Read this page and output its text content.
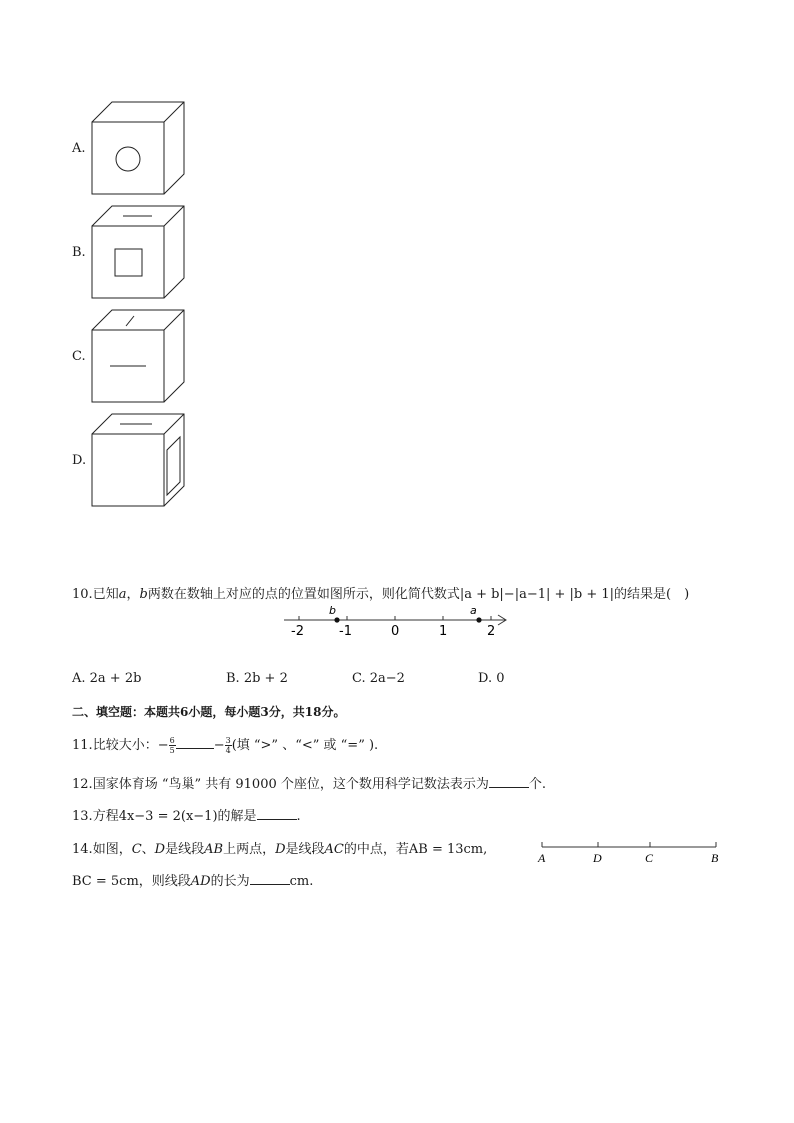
A.
B.
C.
D.
10.已知a，b两数在数轴上对应的点的位置如图所示，则化简代数式|a + b|−|a−1| + |b + 1|的结果是(　)
b	a
-2	-1	0	1	2
A. 2a + 2b	B. 2b + 2	C. 2a−2	D. 0
二、填空题：本题共6小题，每小题3分，共18分。
11.比较大小：− $\frac{6}{5}$	− $\frac{3}{4}$ (填 “>” 、“<” 或 “=” ).
12.国家体育场 “鸟巢” 共有 91000 个座位，这个数用科学记数法表示为	个.
13.方程4x−3 = 2(x−1)的解是	.
14.如图，C、D是线段AB上两点，D是线段AC的中点，若AB = 13cm,
BC = 5cm，则线段AD的长为	cm.
A	D	C	B
